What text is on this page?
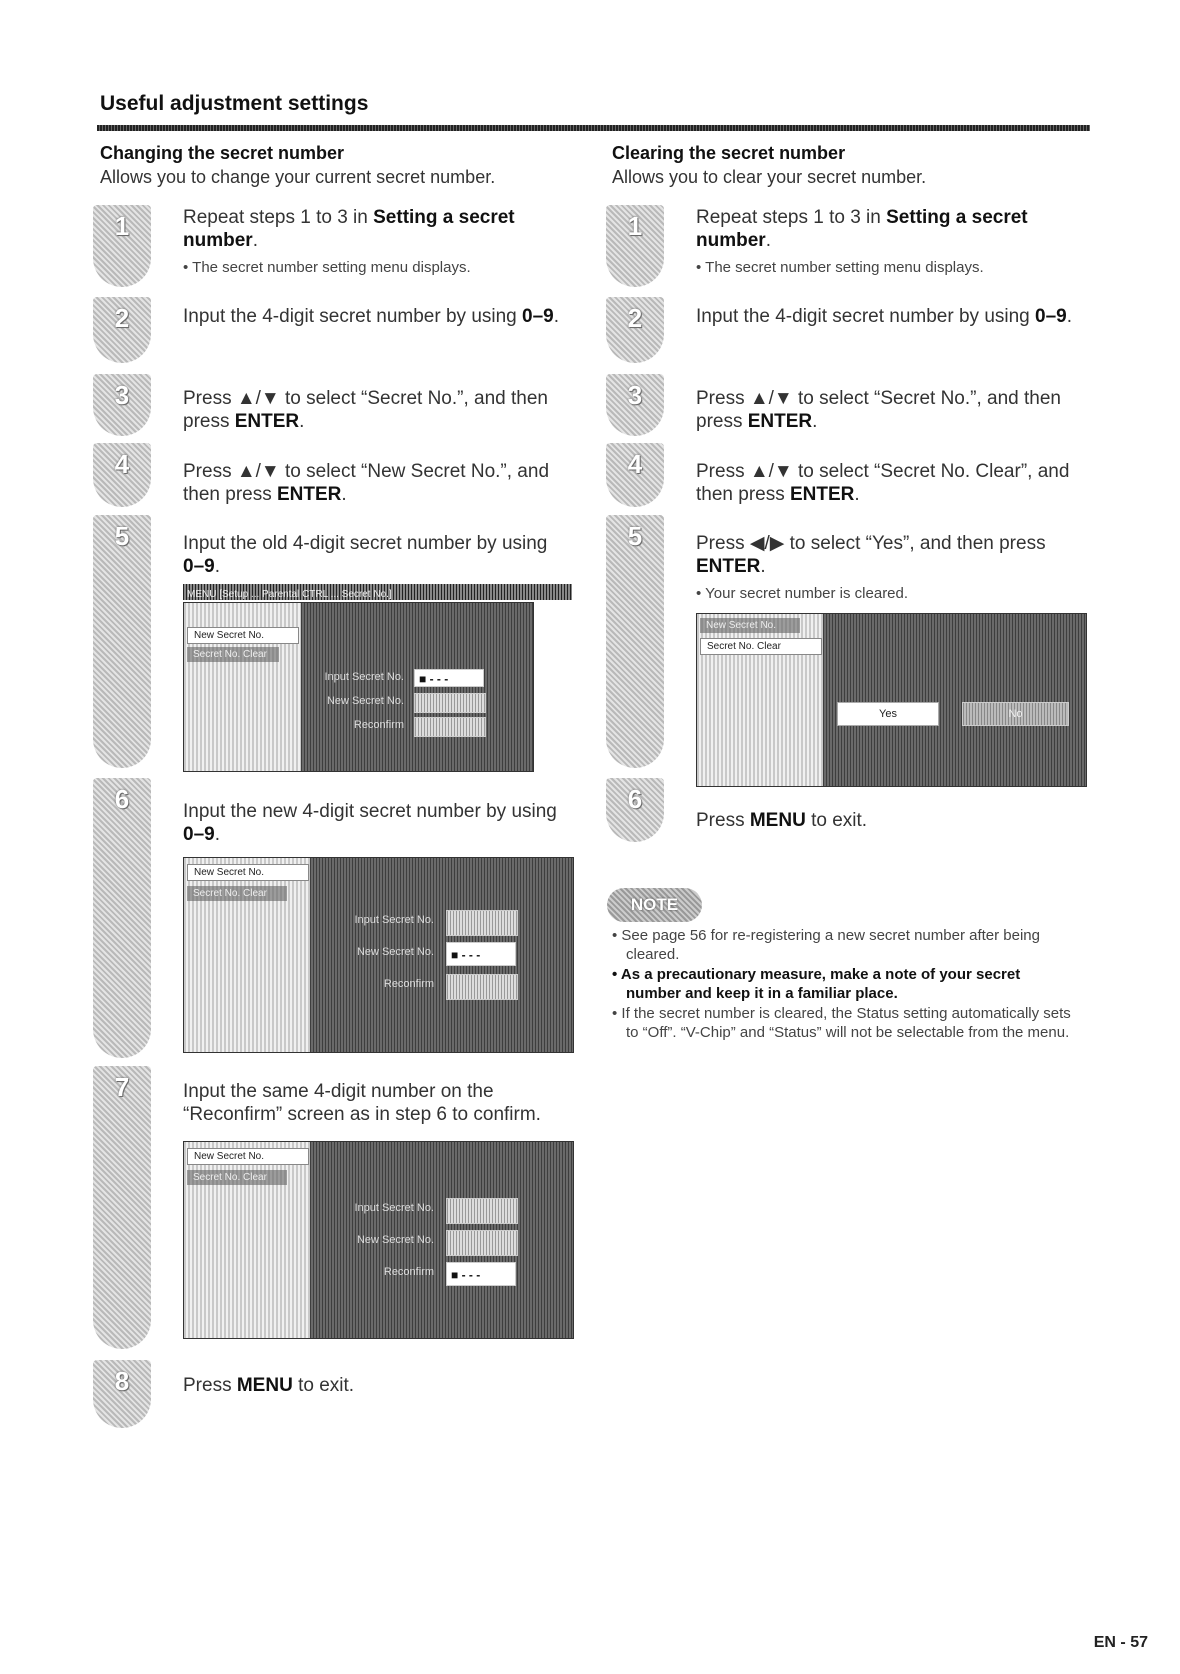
Useful adjustment settings
Changing the secret number
Allows you to change your current secret number.
1
2
3
4
5
6
7
8
Repeat steps 1 to 3 in Setting a secret number.
• The secret number setting menu displays.
Input the 4-digit secret number by using 0–9.
Press ▲/▼ to select “Secret No.”, and then press ENTER.
Press ▲/▼ to select “New Secret No.”, and then press ENTER.
Input the old 4-digit secret number by using 0–9.
MENU [Setup ... Parental CTRL ... Secret No.]
New Secret No.
Secret No. Clear
Input Secret No.	■ - - -
New Secret No.
Reconfirm
Input the new 4-digit secret number by using 0–9.
New Secret No.
Secret No. Clear
Input Secret No.
New Secret No.	■ - - -
Reconfirm
Input the same 4-digit number on the “Reconfirm” screen as in step 6 to confirm.
New Secret No.
Secret No. Clear
Input Secret No.
New Secret No.
Reconfirm	■ - - -
Press MENU to exit.
Clearing the secret number
Allows you to clear your secret number.
1
2
3
4
5
6
Repeat steps 1 to 3 in Setting a secret number.
• The secret number setting menu displays.
Input the 4-digit secret number by using 0–9.
Press ▲/▼ to select “Secret No.”, and then press ENTER.
Press ▲/▼ to select “Secret No. Clear”, and then press ENTER.
Press ◀/▶ to select “Yes”, and then press ENTER.
• Your secret number is cleared.
New Secret No.
Secret No. Clear
Yes	No
Press MENU to exit.
NOTE
• See page 56 for re-registering a new secret number after being cleared.
• As a precautionary measure, make a note of your secret number and keep it in a familiar place.
• If the secret number is cleared, the Status setting automatically sets to “Off”. “V-Chip” and “Status” will not be selectable from the menu.
EN - 57
